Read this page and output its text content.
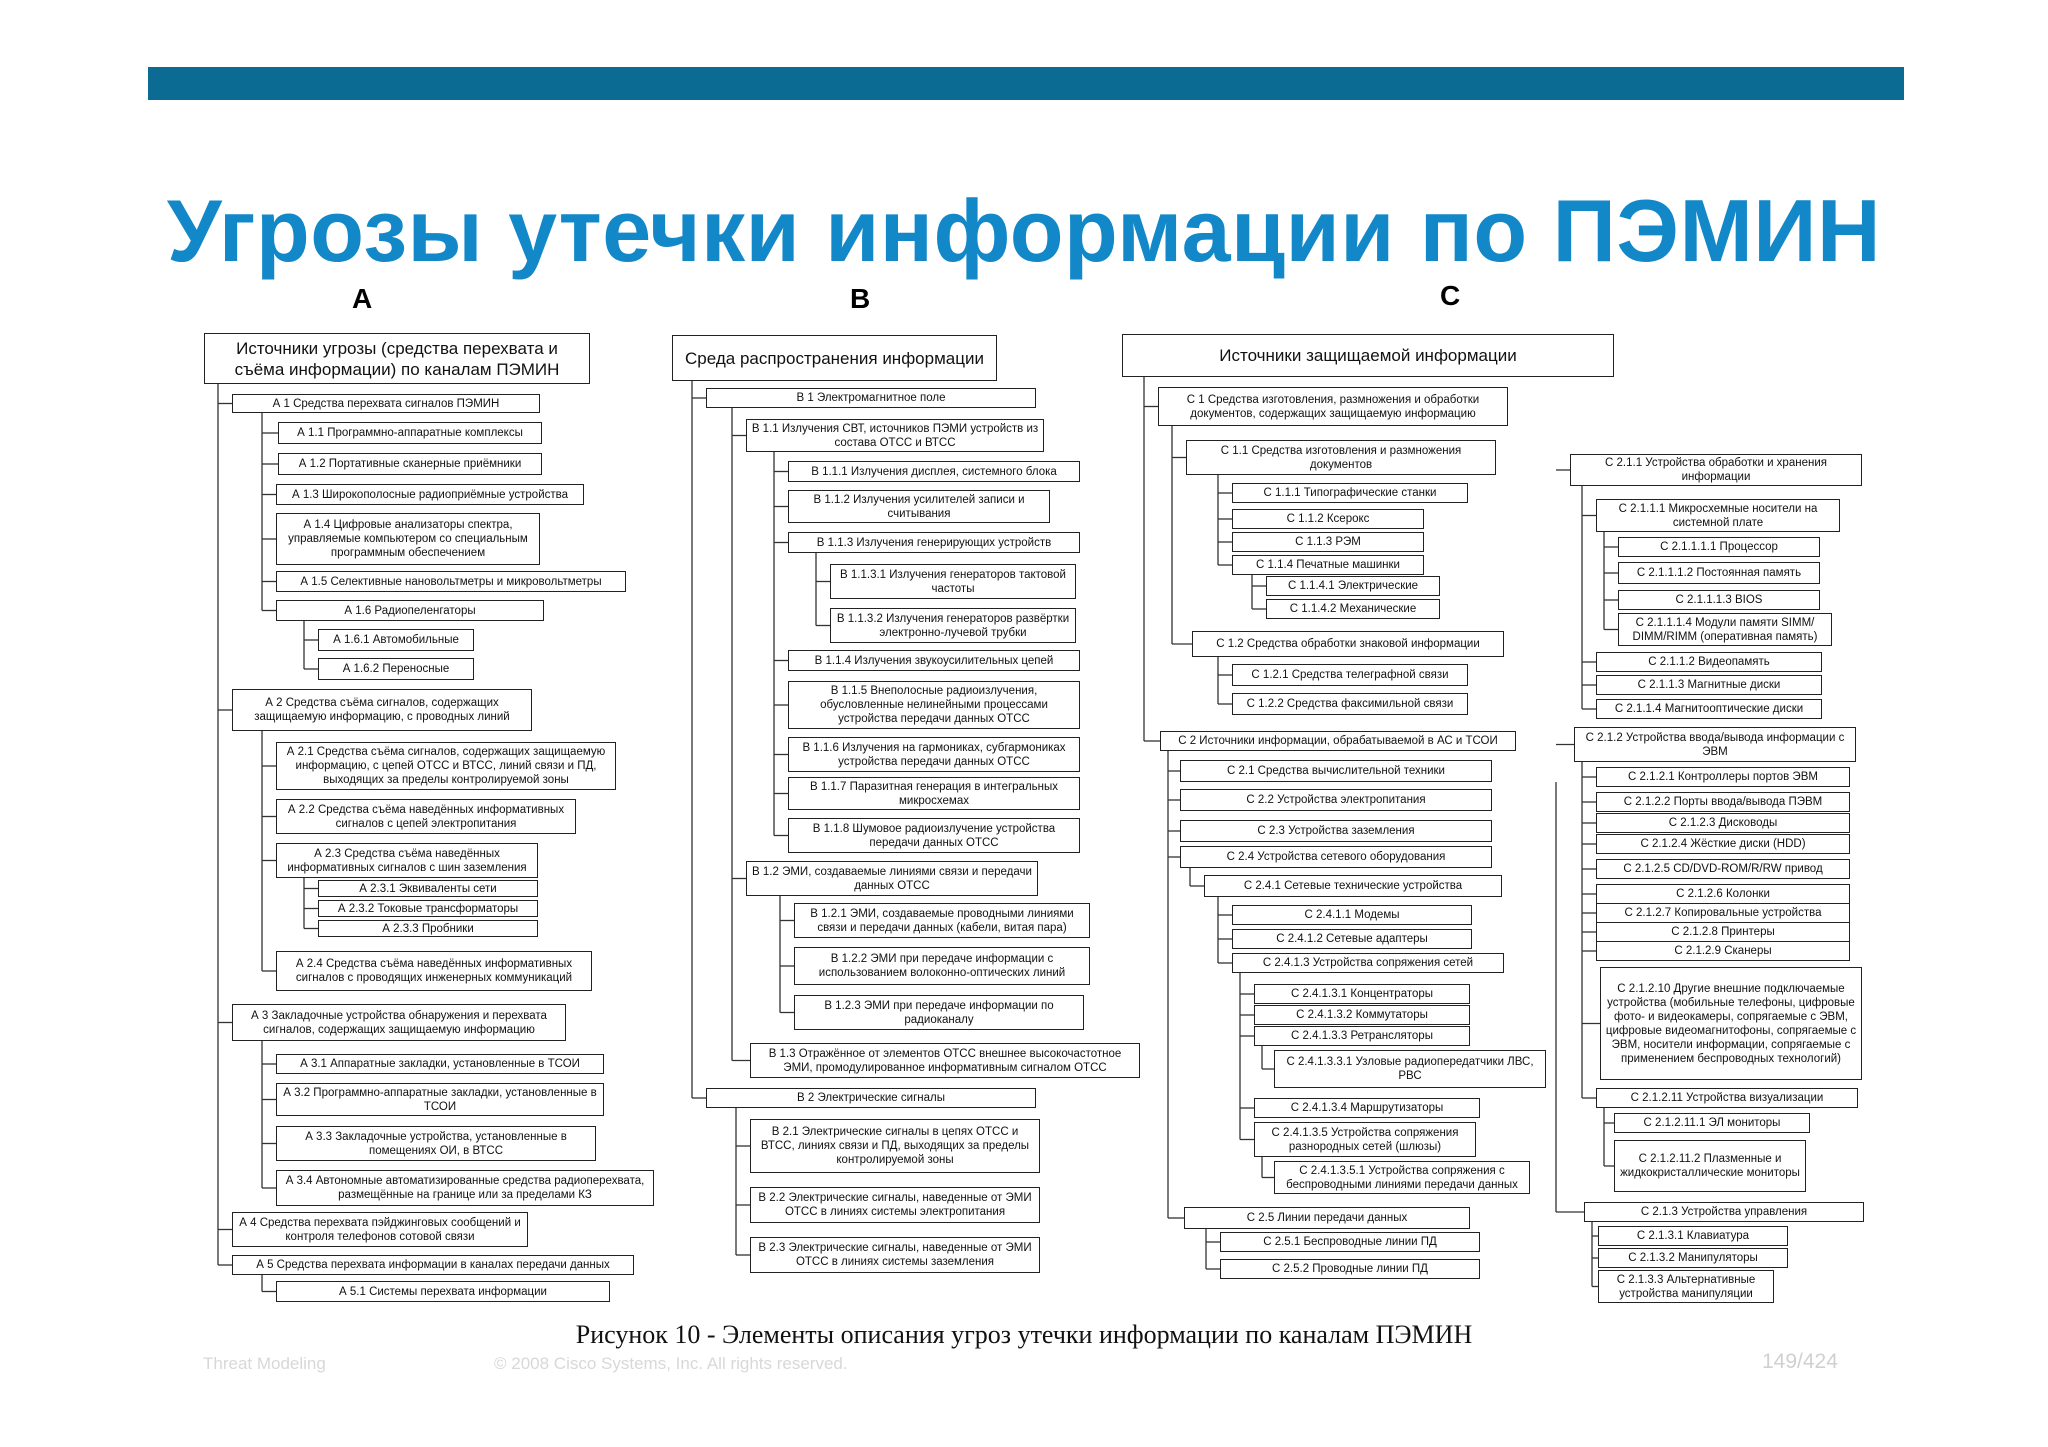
Угрозы утечки информации по ПЭМИН
A	B	C
Источники угрозы (средства перехвата и съёма информации) по каналам ПЭМИН
А 1 Средства перехвата сигналов ПЭМИН
А 1.1 Программно-аппаратные комплексы
А 1.2 Портативные сканерные приёмники
А 1.3 Широкополосные радиоприёмные устройства
А 1.4 Цифровые анализаторы спектра, управляемые компьютером со специальным программным обеспечением
А 1.5 Селективные нановольтметры и микровольтметры
А 1.6 Радиопеленгаторы
А 1.6.1 Автомобильные
А 1.6.2 Переносные
А 2 Средства съёма сигналов, содержащих защищаемую информацию, с проводных линий
А 2.1 Средства съёма сигналов, содержащих защищаемую информацию, с цепей ОТСС и ВТСС, линий связи и ПД, выходящих за пределы контролируемой зоны
А 2.2 Средства съёма наведённых информативных сигналов с цепей электропитания
А 2.3 Средства съёма наведённых информативных сигналов с шин заземления
А 2.3.1 Эквиваленты сети
А 2.3.2 Токовые трансформаторы
А 2.3.3 Пробники
А 2.4 Средства съёма наведённых информативных сигналов с проводящих инженерных коммуникаций
А 3 Закладочные устройства обнаружения и перехвата сигналов, содержащих защищаемую информацию
А 3.1 Аппаратные закладки, установленные в ТСОИ
А 3.2 Программно-аппаратные закладки, установленные в ТСОИ
А 3.3 Закладочные устройства, установленные в помещениях ОИ, в ВТСС
А 3.4 Автономные автоматизированные средства радиоперехвата, размещённые на границе или за пределами КЗ
А 4 Средства перехвата пэйджинговых сообщений и контроля телефонов сотовой связи
А 5 Средства перехвата информации в каналах передачи данных
А 5.1 Системы перехвата информации
Среда распространения информации
В 1 Электромагнитное поле
В 1.1 Излучения СВТ, источников ПЭМИ устройств из состава ОТСС и ВТСС
В 1.1.1 Излучения дисплея, системного блока
В 1.1.2 Излучения усилителей записи и считывания
В 1.1.3 Излучения генерирующих устройств
В 1.1.3.1 Излучения генераторов тактовой частоты
В 1.1.3.2 Излучения генераторов развёртки электронно-лучевой трубки
В 1.1.4 Излучения звукоусилительных цепей
В 1.1.5 Внеполосные радиоизлучения, обусловленные нелинейными процессами устройства передачи данных ОТСС
В 1.1.6 Излучения на гармониках, субгармониках устройства передачи данных ОТСС
В 1.1.7 Паразитная генерация в интегральных микросхемах
В 1.1.8 Шумовое радиоизлучение устройства передачи данных ОТСС
В 1.2 ЭМИ, создаваемые линиями связи и передачи данных ОТСС
В 1.2.1 ЭМИ, создаваемые проводными линиями связи и передачи данных (кабели, витая пара)
В 1.2.2 ЭМИ при передаче информации с использованием волоконно-оптических линий
В 1.2.3 ЭМИ при передаче информации по радиоканалу
В 1.3 Отражённое от элементов ОТСС внешнее высокочастотное ЭМИ, промодулированное информативным сигналом ОТСС
В 2 Электрические сигналы
В 2.1 Электрические сигналы в цепях ОТСС и ВТСС, линиях связи и ПД, выходящих за пределы контролируемой зоны
В 2.2 Электрические сигналы, наведенные от ЭМИ ОТСС в линиях системы электропитания
В 2.3 Электрические сигналы, наведенные от ЭМИ ОТСС в линиях системы заземления
Источники защищаемой информации
С 1 Средства изготовления, размножения и обработки документов, содержащих защищаемую информацию
С 1.1 Средства изготовления и размножения документов
С 1.1.1 Типографические станки
С 1.1.2 Ксерокс
С 1.1.3 РЭМ
С 1.1.4 Печатные машинки
С 1.1.4.1 Электрические
С 1.1.4.2 Механические
С 1.2 Средства обработки знаковой информации
С 1.2.1 Средства телеграфной связи
С 1.2.2 Средства факсимильной связи
С 2 Источники информации, обрабатываемой в АС и ТСОИ
С 2.1 Средства вычислительной техники
С 2.2 Устройства электропитания
С 2.3 Устройства заземления
С 2.4 Устройства сетевого оборудования
С 2.4.1 Сетевые технические устройства
С 2.4.1.1 Модемы
С 2.4.1.2 Сетевые адаптеры
С 2.4.1.3 Устройства сопряжения сетей
С 2.4.1.3.1 Концентраторы
С 2.4.1.3.2 Коммутаторы
С 2.4.1.3.3 Ретрансляторы
С 2.4.1.3.3.1 Узловые радиопередатчики ЛВС, РВС
С 2.4.1.3.4 Маршрутизаторы
С 2.4.1.3.5 Устройства сопряжения разнородных сетей (шлюзы)
С 2.4.1.3.5.1 Устройства сопряжения с беспроводными линиями передачи данных
С 2.5 Линии передачи данных
С 2.5.1 Беспроводные линии ПД
С 2.5.2 Проводные линии ПД
С 2.1.1 Устройства обработки и хранения информации
С 2.1.1.1 Микросхемные носители на системной плате
С 2.1.1.1.1 Процессор
С 2.1.1.1.2 Постоянная память
С 2.1.1.1.3 BIOS
С 2.1.1.1.4 Модули памяти SIMM/ DIMM/RIMM (оперативная память)
С 2.1.1.2 Видеопамять
С 2.1.1.3 Магнитные диски
С 2.1.1.4 Магнитооптические диски
С 2.1.2 Устройства ввода/вывода информации с ЭВМ
С 2.1.2.1 Контроллеры портов ЭВМ
С 2.1.2.2 Порты ввода/вывода ПЭВМ
С 2.1.2.3 Дисководы
С 2.1.2.4 Жёсткие диски (HDD)
С 2.1.2.5 CD/DVD-ROM/R/RW привод
С 2.1.2.6 Колонки
С 2.1.2.7 Копировальные устройства
С 2.1.2.8 Принтеры
С 2.1.2.9 Сканеры
С 2.1.2.10 Другие внешние подключаемые устройства (мобильные телефоны, цифровые фото- и видеокамеры, сопрягаемые с ЭВМ, цифровые видеомагнитофоны, сопрягаемые с ЭВМ, носители информации, сопрягаемые с применением беспроводных технологий)
С 2.1.2.11 Устройства визуализации
С 2.1.2.11.1 ЭЛ мониторы
С 2.1.2.11.2 Плазменные и жидкокристаллические мониторы
С 2.1.3 Устройства управления
С 2.1.3.1 Клавиатура
С 2.1.3.2 Манипуляторы
С 2.1.3.3 Альтернативные устройства манипуляции
Рисунок 10 - Элементы описания угроз утечки информации по каналам ПЭМИН
Threat Modeling	© 2008 Cisco Systems, Inc. All rights reserved.	149/424
